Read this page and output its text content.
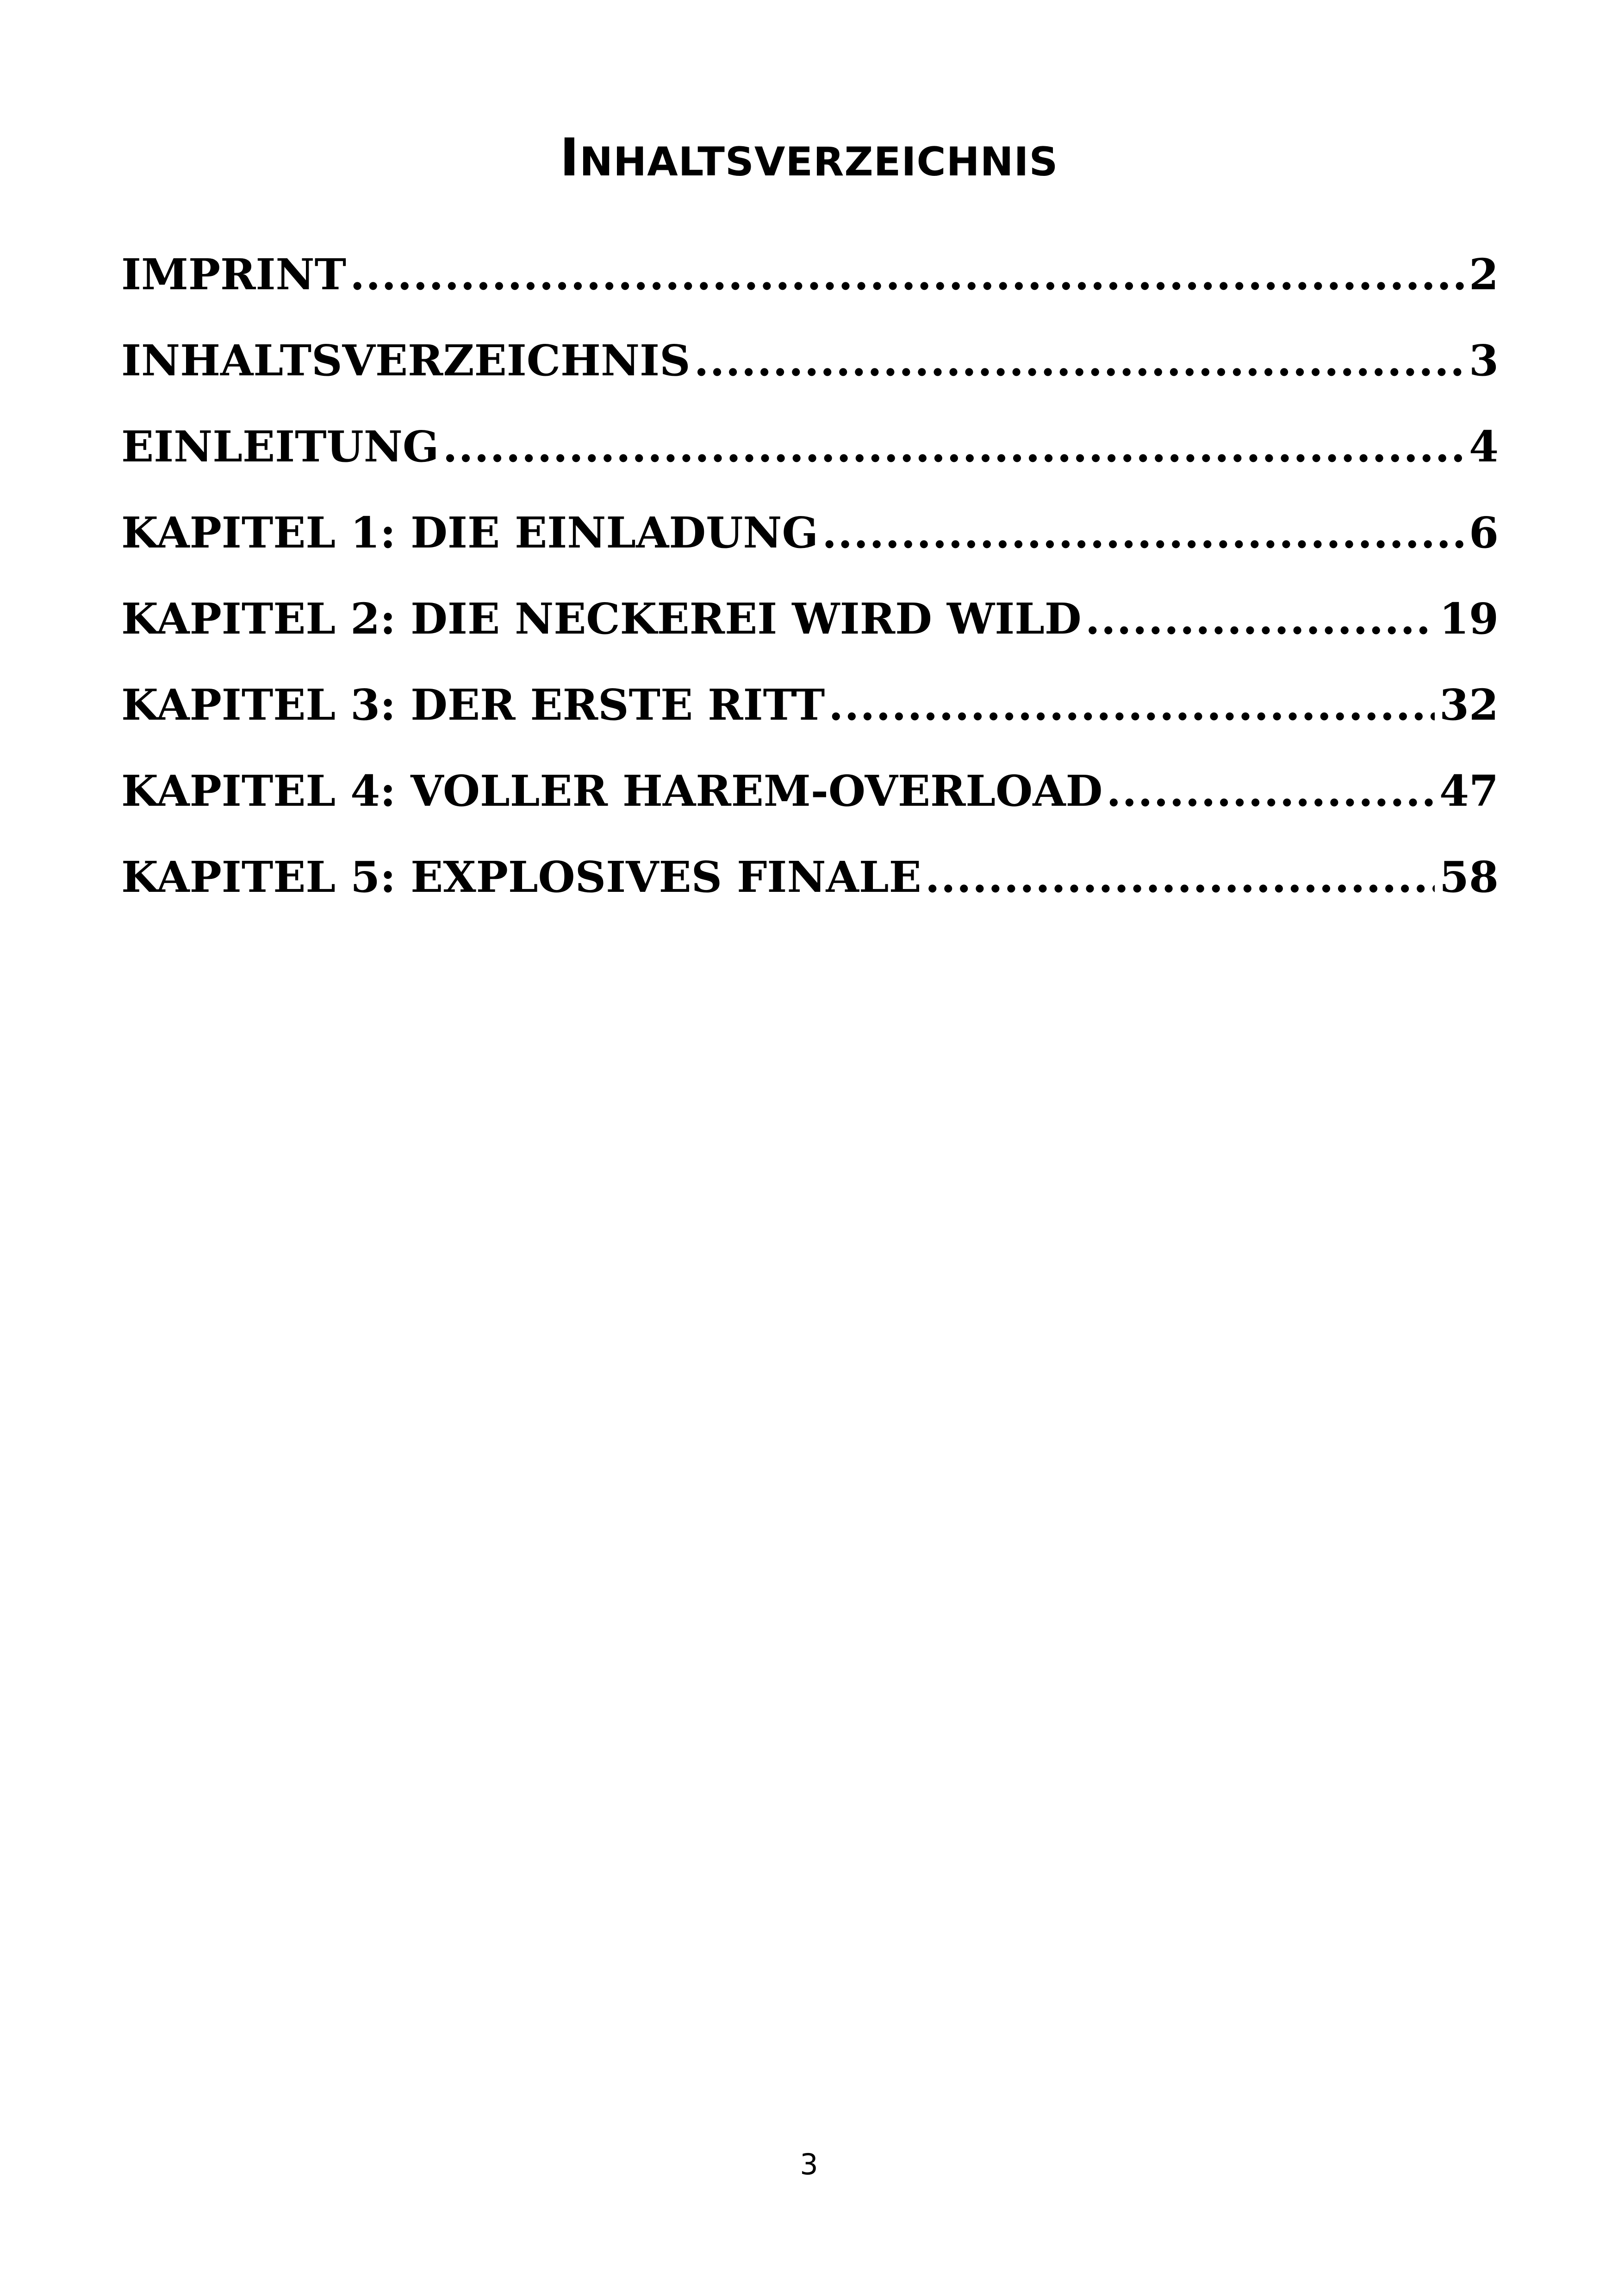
INHALTSVERZEICHNIS
IMPRINT .....	2
INHALTSVERZEICHNIS .....	3
EINLEITUNG .....	4
KAPITEL 1: DIE EINLADUNG .....	6
KAPITEL 2: DIE NECKEREI WIRD WILD .....	19
KAPITEL 3: DER ERSTE RITT .....	32
KAPITEL 4: VOLLER HAREM-OVERLOAD .....	47
KAPITEL 5: EXPLOSIVES FINALE .....	58
3
